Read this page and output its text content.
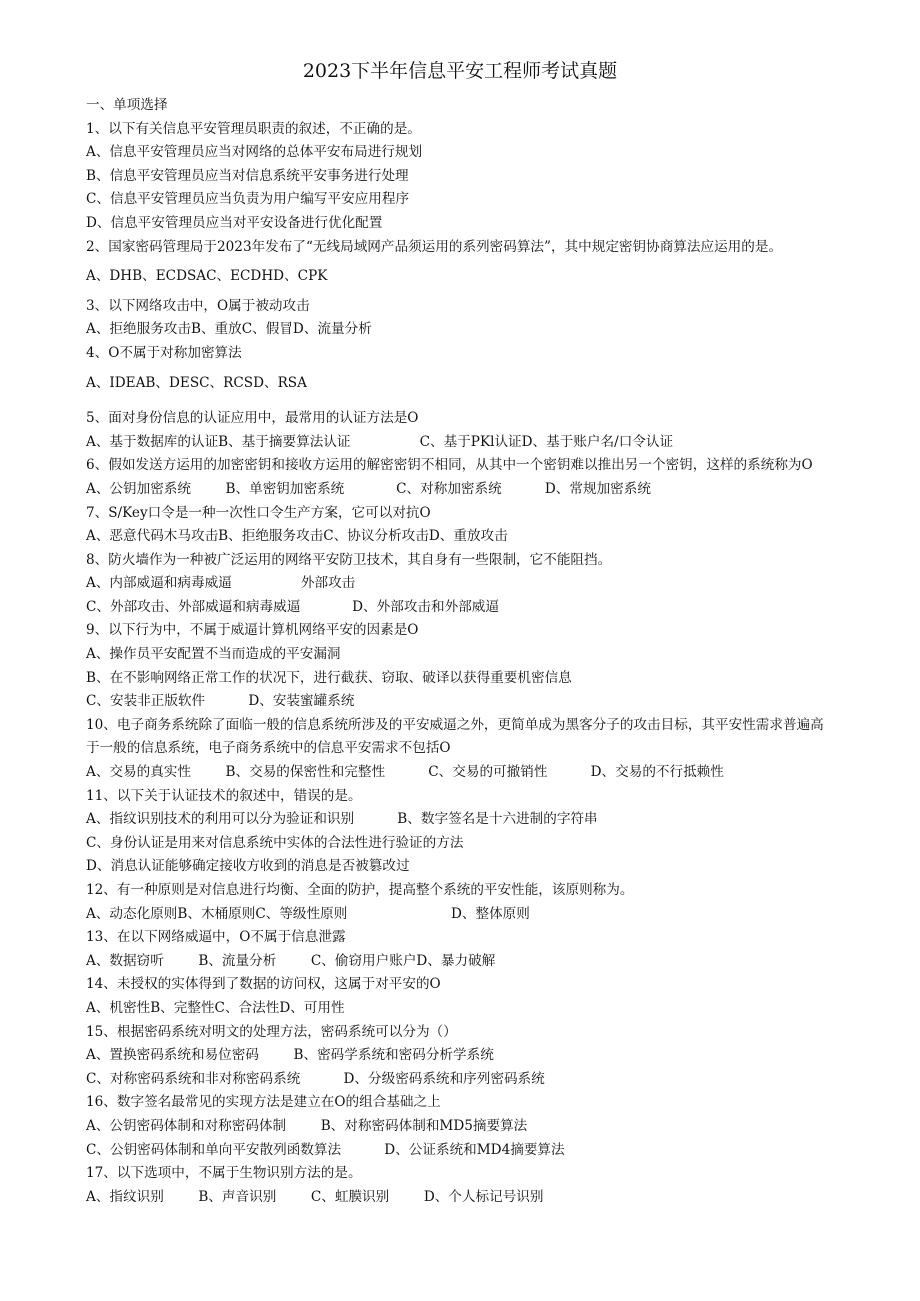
2023下半年信息平安工程师考试真题

一、单项选择

1、以下有关信息平安管理员职责的叙述，不正确的是。

A、信息平安管理员应当对网络的总体平安布局进行规划

B、信息平安管理员应当对信息系统平安事务进行处理

C、信息平安管理员应当负责为用户编写平安应用程序

D、信息平安管理员应当对平安设备进行优化配置

2、国家密码管理局于2023年发布了“无线局域网产品须运用的系列密码算法”，其中规定密钥协商算法应运用的是。

A、DHB、ECDSAC、ECDHD、CPK

3、以下网络攻击中，O属于被动攻击

A、拒绝服务攻击B、重放C、假冒D、流量分析

4、O不属于对称加密算法

A、IDEAB、DESC、RCSD、RSA

5、面对身份信息的认证应用中，最常用的认证方法是O

A、基于数据库的认证B、基于摘要算法认证                C、基于PKl认证D、基于账户名/口令认证

6、假如发送方运用的加密密钥和接收方运用的解密密钥不相同，从其中一个密钥难以推出另一个密钥，这样的系统称为O

A、公钥加密系统        B、单密钥加密系统            C、对称加密系统          D、常规加密系统

7、S/Key口令是一种一次性口令生产方案，它可以对抗O

A、恶意代码木马攻击B、拒绝服务攻击C、协议分析攻击D、重放攻击

8、防火墙作为一种被广泛运用的网络平安防卫技术，其自身有一些限制，它不能阻挡。

A、内部威逼和病毒威逼                外部攻击

C、外部攻击、外部威逼和病毒威逼            D、外部攻击和外部威逼

9、以下行为中，不属于威逼计算机网络平安的因素是O

A、操作员平安配置不当而造成的平安漏洞

B、在不影响网络正常工作的状况下，进行截获、窃取、破译以获得重要机密信息

C、安装非正版软件          D、安装蜜罐系统

10、电子商务系统除了面临一般的信息系统所涉及的平安威逼之外，更简单成为黑客分子的攻击目标，其平安性需求普遍高于一般的信息系统，电子商务系统中的信息平安需求不包括O

A、交易的真实性        B、交易的保密性和完整性          C、交易的可撤销性          D、交易的不行抵赖性

11、以下关于认证技术的叙述中，错误的是。

A、指纹识别技术的利用可以分为验证和识别          B、数字签名是十六进制的字符串

C、身份认证是用来对信息系统中实体的合法性进行验证的方法

D、消息认证能够确定接收方收到的消息是否被篡改过

12、有一种原则是对信息进行均衡、全面的防护，提高整个系统的平安性能，该原则称为。

A、动态化原则B、木桶原则C、等级性原则                        D、整体原则

13、在以下网络威逼中，O不属于信息泄露

A、数据窃听        B、流量分析        C、偷窃用户账户D、暴力破解

14、未授权的实体得到了数据的访问权，这属于对平安的O

A、机密性B、完整性C、合法性D、可用性

15、根据密码系统对明文的处理方法，密码系统可以分为（）

A、置换密码系统和易位密码        B、密码学系统和密码分析学系统

C、对称密码系统和非对称密码系统          D、分级密码系统和序列密码系统

16、数字签名最常见的实现方法是建立在O的组合基础之上

A、公钥密码体制和对称密码体制        B、对称密码体制和MD5摘要算法

C、公钥密码体制和单向平安散列函数算法          D、公证系统和MD4摘要算法

17、以下选项中，不属于生物识别方法的是。

A、指纹识别        B、声音识别        C、虹膜识别        D、个人标记号识别
